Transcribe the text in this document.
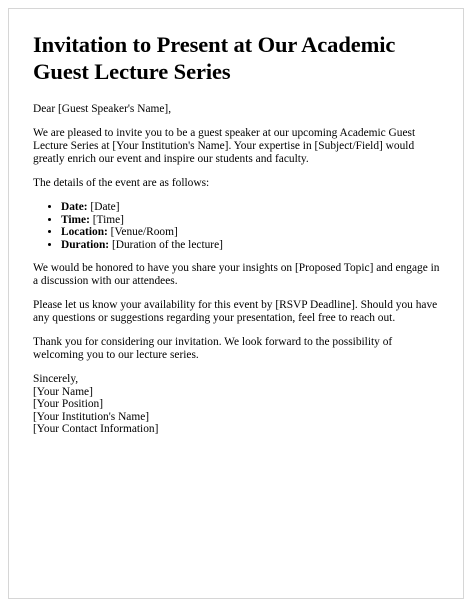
Invitation to Present at Our Academic Guest Lecture Series

Dear [Guest Speaker's Name],

We are pleased to invite you to be a guest speaker at our upcoming Academic Guest Lecture Series at [Your Institution's Name]. Your expertise in [Subject/Field] would greatly enrich our event and inspire our students and faculty.

The details of the event are as follows:

• Date: [Date]
• Time: [Time]
• Location: [Venue/Room]
• Duration: [Duration of the lecture]

We would be honored to have you share your insights on [Proposed Topic] and engage in a discussion with our attendees.

Please let us know your availability for this event by [RSVP Deadline]. Should you have any questions or suggestions regarding your presentation, feel free to reach out.

Thank you for considering our invitation. We look forward to the possibility of welcoming you to our lecture series.

Sincerely,
[Your Name]
[Your Position]
[Your Institution's Name]
[Your Contact Information]
